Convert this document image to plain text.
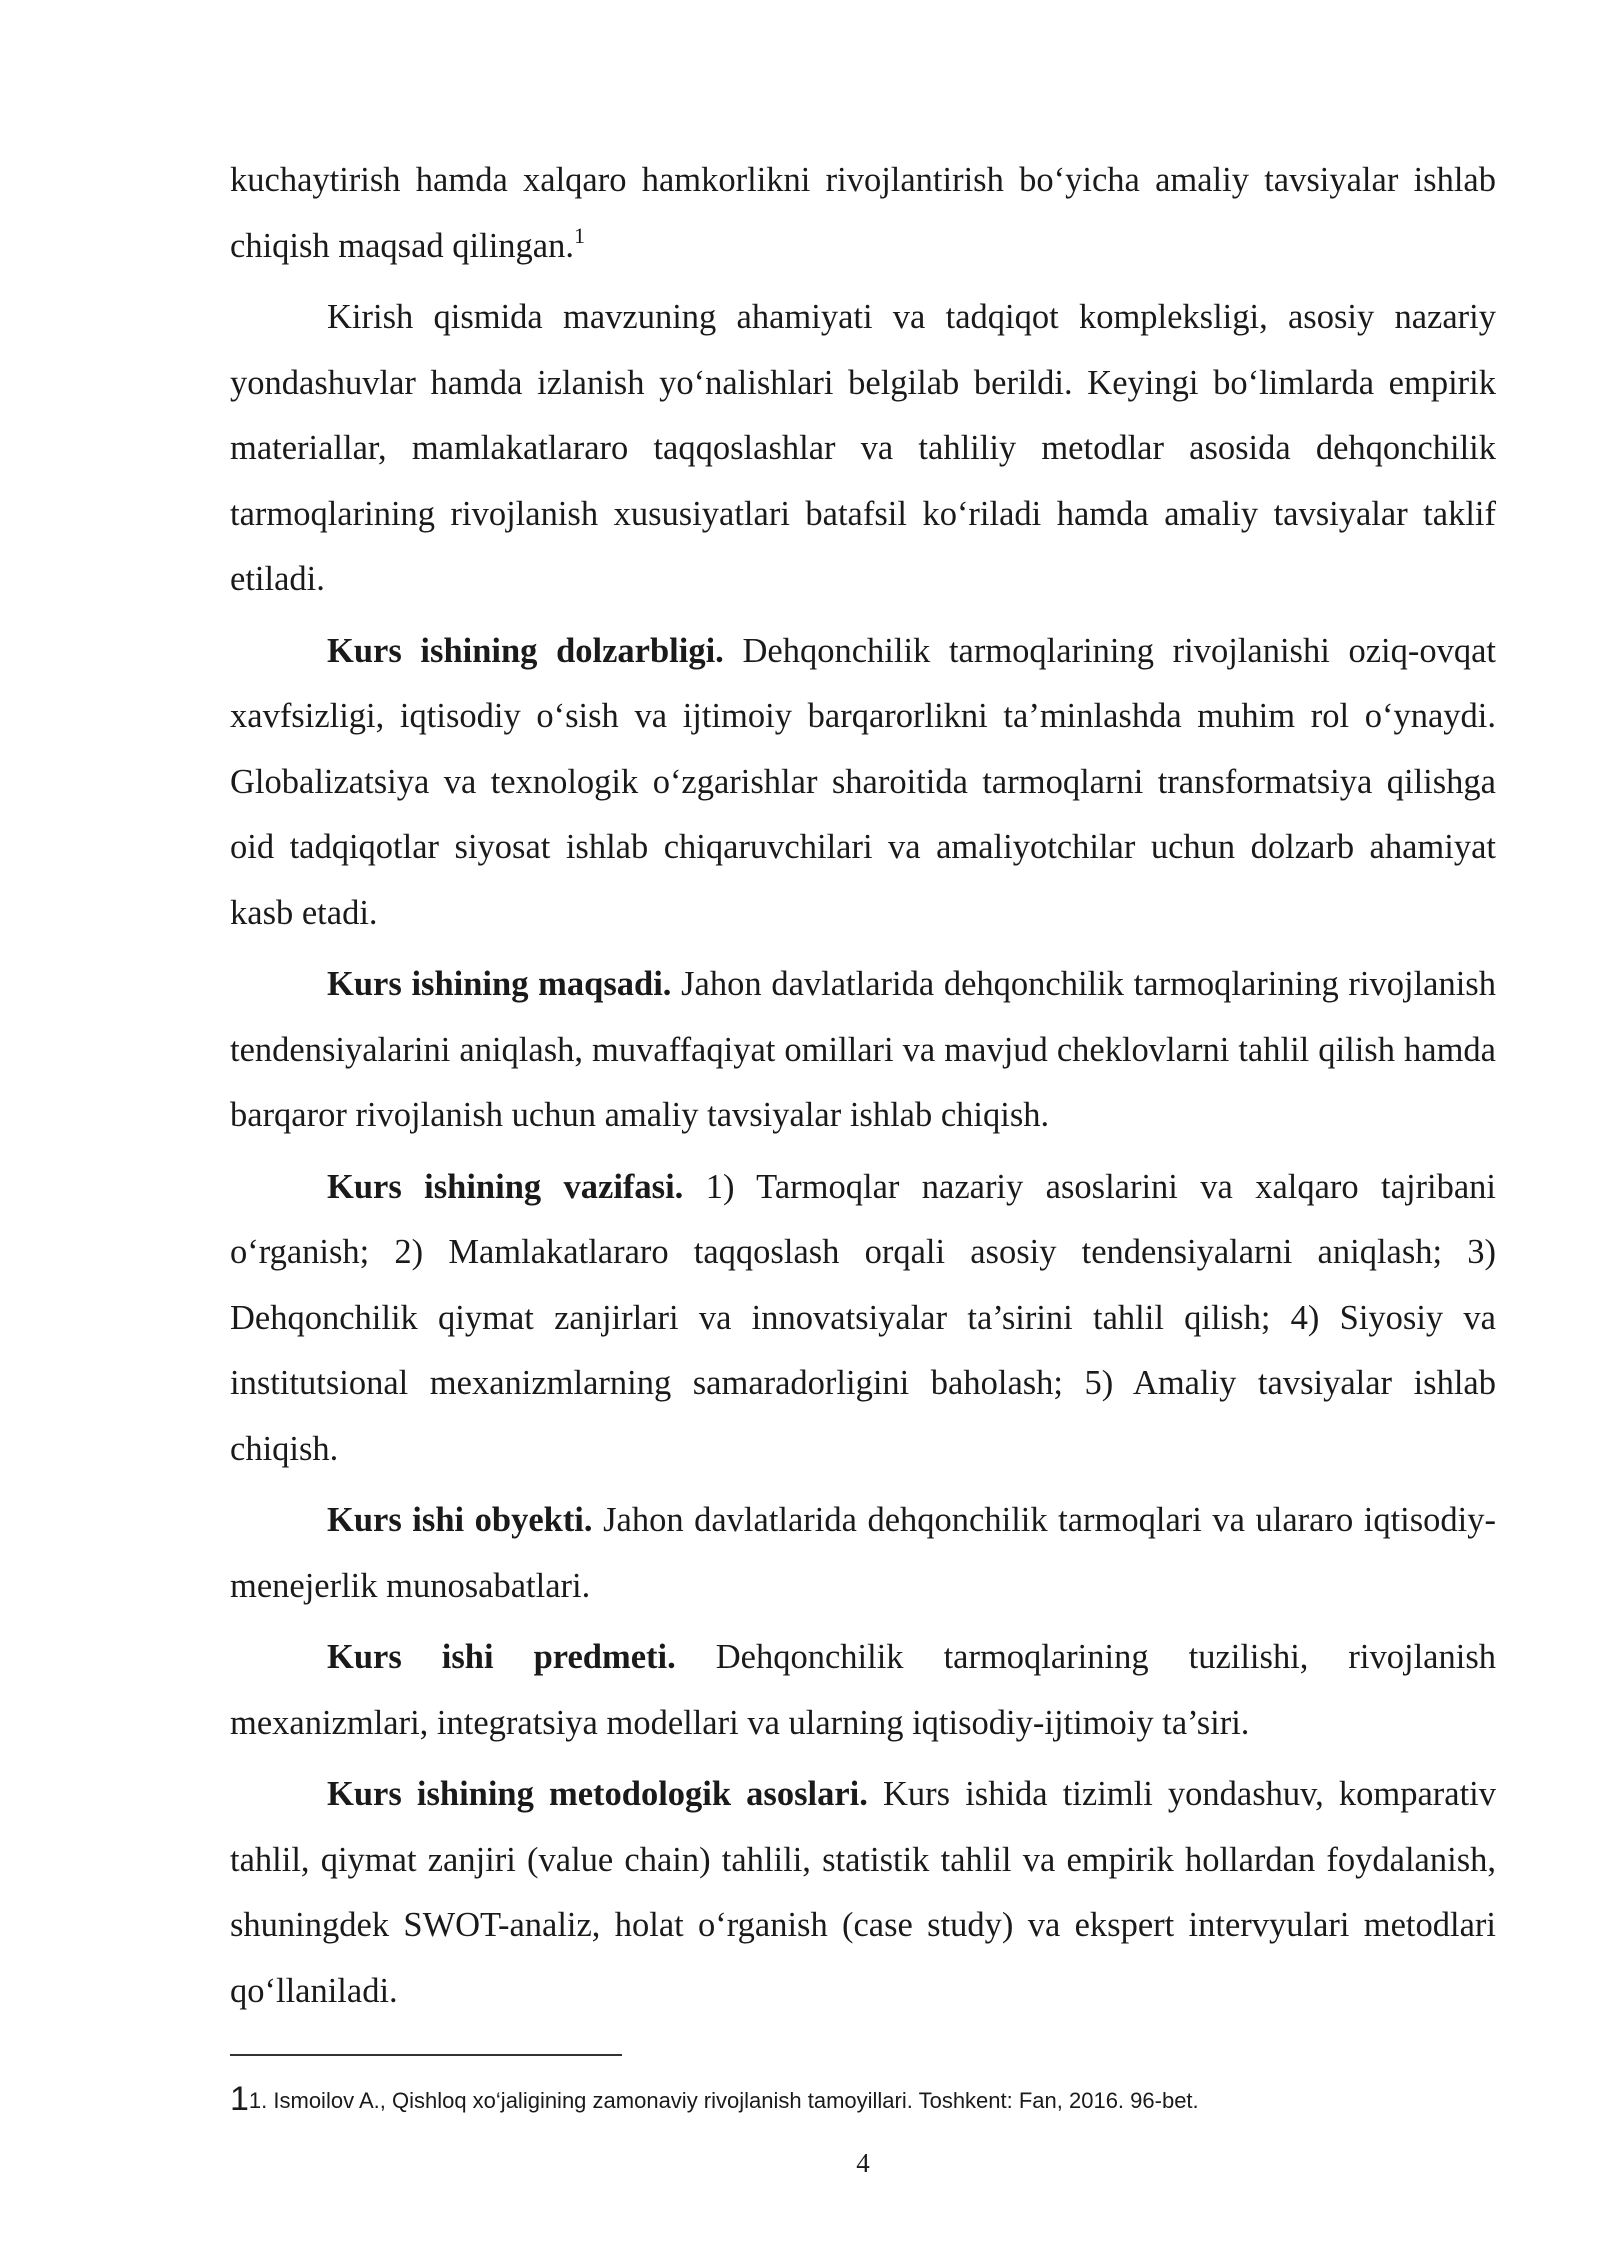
kuchaytirish hamda xalqaro hamkorlikni rivojlantirish bo‘yicha amaliy tavsiyalar ishlab chiqish maqsad qilingan.$^1$

Kirish qismida mavzuning ahamiyati va tadqiqot kompleksligi, asosiy nazariy yondashuvlar hamda izlanish yo‘nalishlari belgilab berildi. Keyingi bo‘limlarda empirik materiallar, mamlakatlararo taqqoslashlar va tahliliy metodlar asosida dehqonchilik tarmoqlarining rivojlanish xususiyatlari batafsil ko‘riladi hamda amaliy tavsiyalar taklif etiladi.

Kurs ishining dolzarbligi. Dehqonchilik tarmoqlarining rivojlanishi oziq-ovqat xavfsizligi, iqtisodiy o‘sish va ijtimoiy barqarorlikni ta’minlashda muhim rol o‘ynaydi. Globalizatsiya va texnologik o‘zgarishlar sharoitida tarmoqlarni transformatsiya qilishga oid tadqiqotlar siyosat ishlab chiqaruvchilari va amaliyotchilar uchun dolzarb ahamiyat kasb etadi.

Kurs ishining maqsadi. Jahon davlatlarida dehqonchilik tarmoqlarining rivojlanish tendensiyalarini aniqlash, muvaffaqiyat omillari va mavjud cheklovlarni tahlil qilish hamda barqaror rivojlanish uchun amaliy tavsiyalar ishlab chiqish.

Kurs ishining vazifasi. 1) Tarmoqlar nazariy asoslarini va xalqaro tajribani o‘rganish; 2) Mamlakatlararo taqqoslash orqali asosiy tendensiyalarni aniqlash; 3) Dehqonchilik qiymat zanjirlari va innovatsiyalar ta’sirini tahlil qilish; 4) Siyosiy va institutsional mexanizmlarning samaradorligini baholash; 5) Amaliy tavsiyalar ishlab chiqish.

Kurs ishi obyekti. Jahon davlatlarida dehqonchilik tarmoqlari va ulararo iqtisodiy-menejerlik munosabatlari.

Kurs ishi predmeti. Dehqonchilik tarmoqlarining tuzilishi, rivojlanish mexanizmlari, integratsiya modellari va ularning iqtisodiy-ijtimoiy ta’siri.

Kurs ishining metodologik asoslari. Kurs ishida tizimli yondashuv, komparativ tahlil, qiymat zanjiri (value chain) tahlili, statistik tahlil va empirik hollardan foydalanish, shuningdek SWOT-analiz, holat o‘rganish (case study) va ekspert intervyulari metodlari qo‘llaniladi.

11. Ismoilov A., Qishloq xo‘jaligining zamonaviy rivojlanish tamoyillari. Toshkent: Fan, 2016. 96-bet.
4
